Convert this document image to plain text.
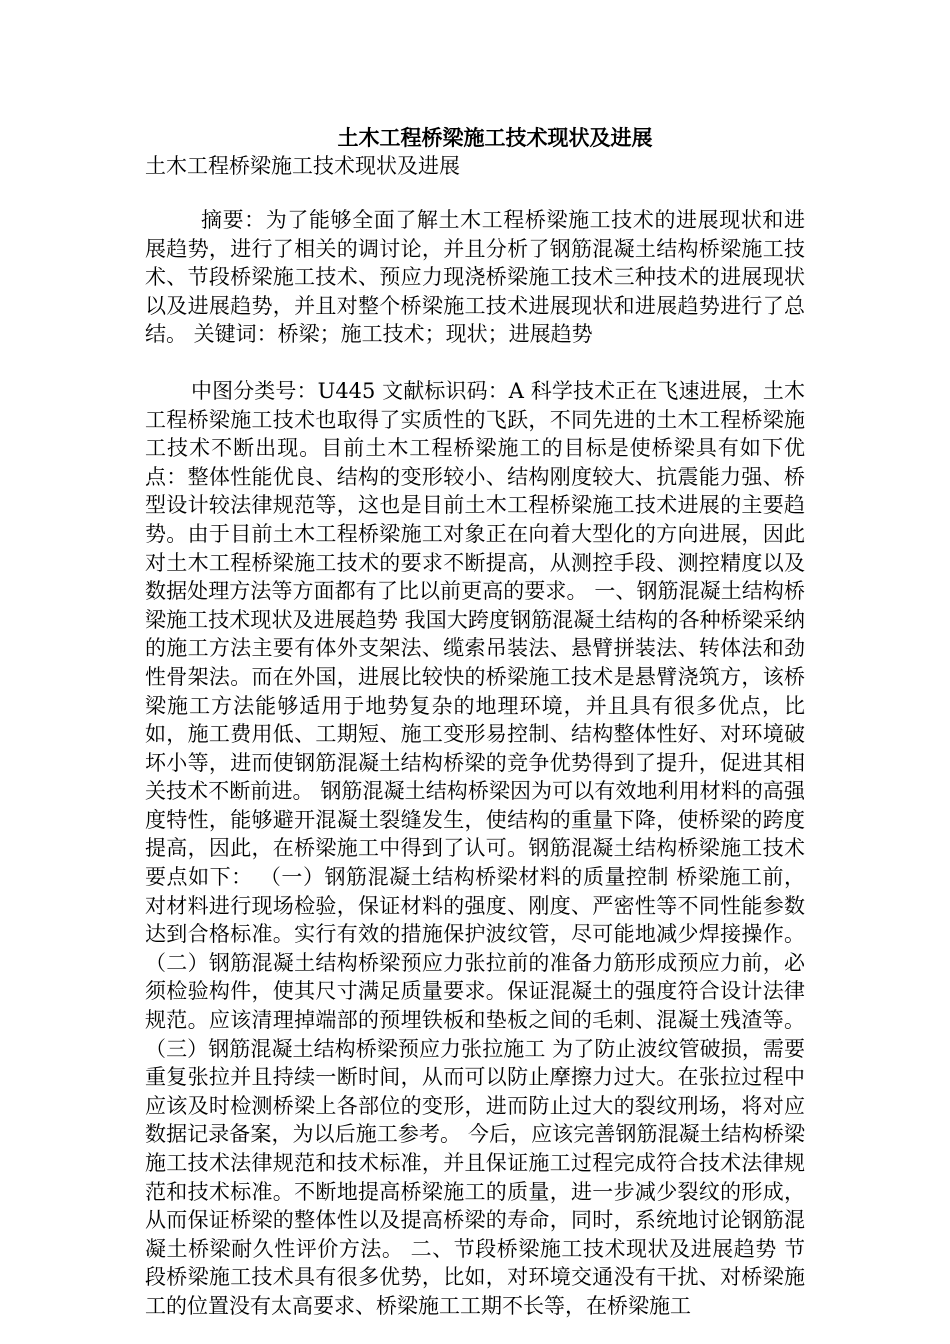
土木工程桥梁施工技术现状及进展

土木工程桥梁施工技术现状及进展

摘要：为了能够全面了解土木工程桥梁施工技术的进展现状和进展趋势，进行了相关的调讨论，并且分析了钢筋混凝土结构桥梁施工技术、节段桥梁施工技术、预应力现浇桥梁施工技术三种技术的进展现状以及进展趋势，并且对整个桥梁施工技术进展现状和进展趋势进行了总结。 关键词：桥梁；施工技术；现状；进展趋势

中图分类号：U445 文献标识码：A 科学技术正在飞速进展，土木工程桥梁施工技术也取得了实质性的飞跃，不同先进的土木工程桥梁施工技术不断出现。目前土木工程桥梁施工的目标是使桥梁具有如下优点：整体性能优良、结构的变形较小、结构刚度较大、抗震能力强、桥型设计较法律规范等，这也是目前土木工程桥梁施工技术进展的主要趋势。由于目前土木工程桥梁施工对象正在向着大型化的方向进展，因此对土木工程桥梁施工技术的要求不断提高，从测控手段、测控精度以及数据处理方法等方面都有了比以前更高的要求。 一、钢筋混凝土结构桥梁施工技术现状及进展趋势 我国大跨度钢筋混凝土结构的各种桥梁采纳的施工方法主要有体外支架法、缆索吊装法、悬臂拼装法、转体法和劲性骨架法。而在外国，进展比较快的桥梁施工技术是悬臂浇筑方，该桥梁施工方法能够适用于地势复杂的地理环境，并且具有很多优点，比如，施工费用低、工期短、施工变形易控制、结构整体性好、对环境破坏小等，进而使钢筋混凝土结构桥梁的竞争优势得到了提升，促进其相关技术不断前进。 钢筋混凝土结构桥梁因为可以有效地利用材料的高强度特性，能够避开混凝土裂缝发生，使结构的重量下降，使桥梁的跨度提高，因此，在桥梁施工中得到了认可。钢筋混凝土结构桥梁施工技术要点如下： （一）钢筋混凝土结构桥梁材料的质量控制 桥梁施工前，对材料进行现场检验，保证材料的强度、刚度、严密性等不同性能参数达到合格标准。实行有效的措施保护波纹管，尽可能地减少焊接操作。 （二）钢筋混凝土结构桥梁预应力张拉前的准备力筋形成预应力前，必须检验构件，使其尺寸满足质量要求。保证混凝土的强度符合设计法律规范。应该清理掉端部的预埋铁板和垫板之间的毛刺、混凝土残渣等。 （三）钢筋混凝土结构桥梁预应力张拉施工 为了防止波纹管破损，需要重复张拉并且持续一断时间，从而可以防止摩擦力过大。在张拉过程中应该及时检测桥梁上各部位的变形，进而防止过大的裂纹刑场，将对应数据记录备案，为以后施工参考。 今后，应该完善钢筋混凝土结构桥梁施工技术法律规范和技术标准，并且保证施工过程完成符合技术法律规范和技术标准。不断地提高桥梁施工的质量，进一步减少裂纹的形成，从而保证桥梁的整体性以及提高桥梁的寿命，同时，系统地讨论钢筋混凝土桥梁耐久性评价方法。 二、节段桥梁施工技术现状及进展趋势 节段桥梁施工技术具有很多优势，比如，对环境交通没有干扰、对桥梁施工的位置没有太高要求、桥梁施工工期不长等，在桥梁施工
